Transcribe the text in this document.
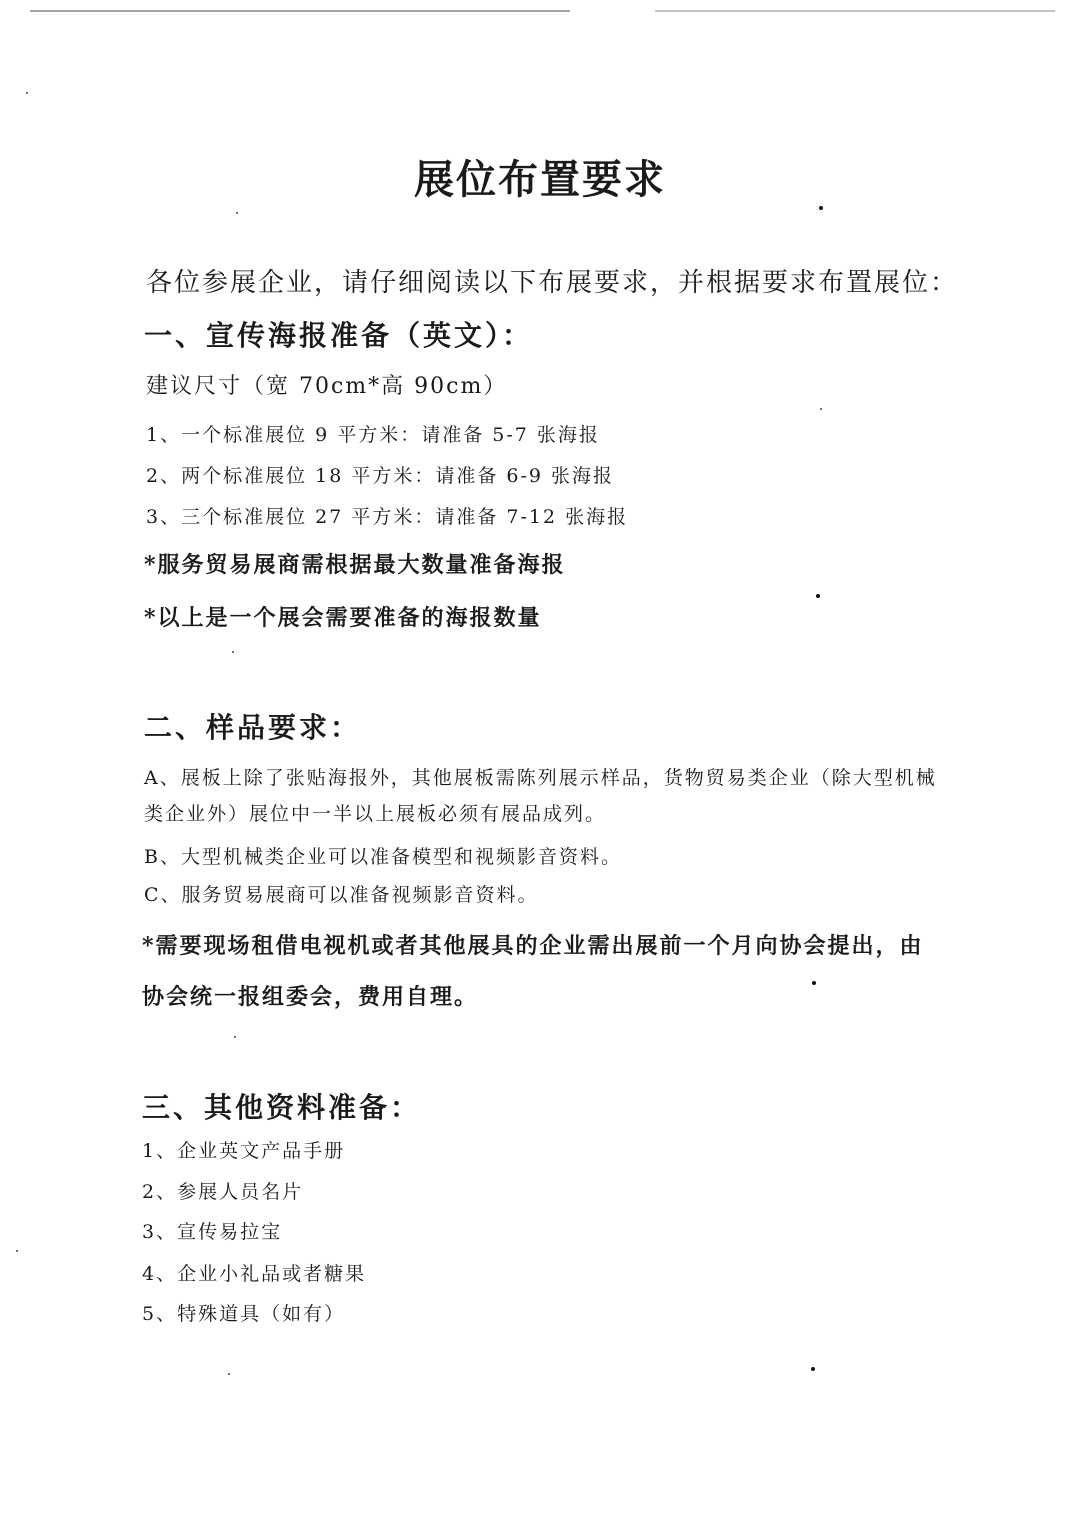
展位布置要求
各位参展企业，请仔细阅读以下布展要求，并根据要求布置展位：
一、宣传海报准备（英文）：
建议尺寸（宽 70cm*高 90cm）
1、一个标准展位 9 平方米：请准备 5-7 张海报
2、两个标准展位 18 平方米：请准备 6-9 张海报
3、三个标准展位 27 平方米：请准备 7-12 张海报
*服务贸易展商需根据最大数量准备海报
*以上是一个展会需要准备的海报数量
二、样品要求：
A、展板上除了张贴海报外，其他展板需陈列展示样品，货物贸易类企业（除大型机械
类企业外）展位中一半以上展板必须有展品成列。
B、大型机械类企业可以准备模型和视频影音资料。
C、服务贸易展商可以准备视频影音资料。
*需要现场租借电视机或者其他展具的企业需出展前一个月向协会提出，由
协会统一报组委会，费用自理。
三、其他资料准备：
1、企业英文产品手册
2、参展人员名片
3、宣传易拉宝
4、企业小礼品或者糖果
5、特殊道具（如有）
